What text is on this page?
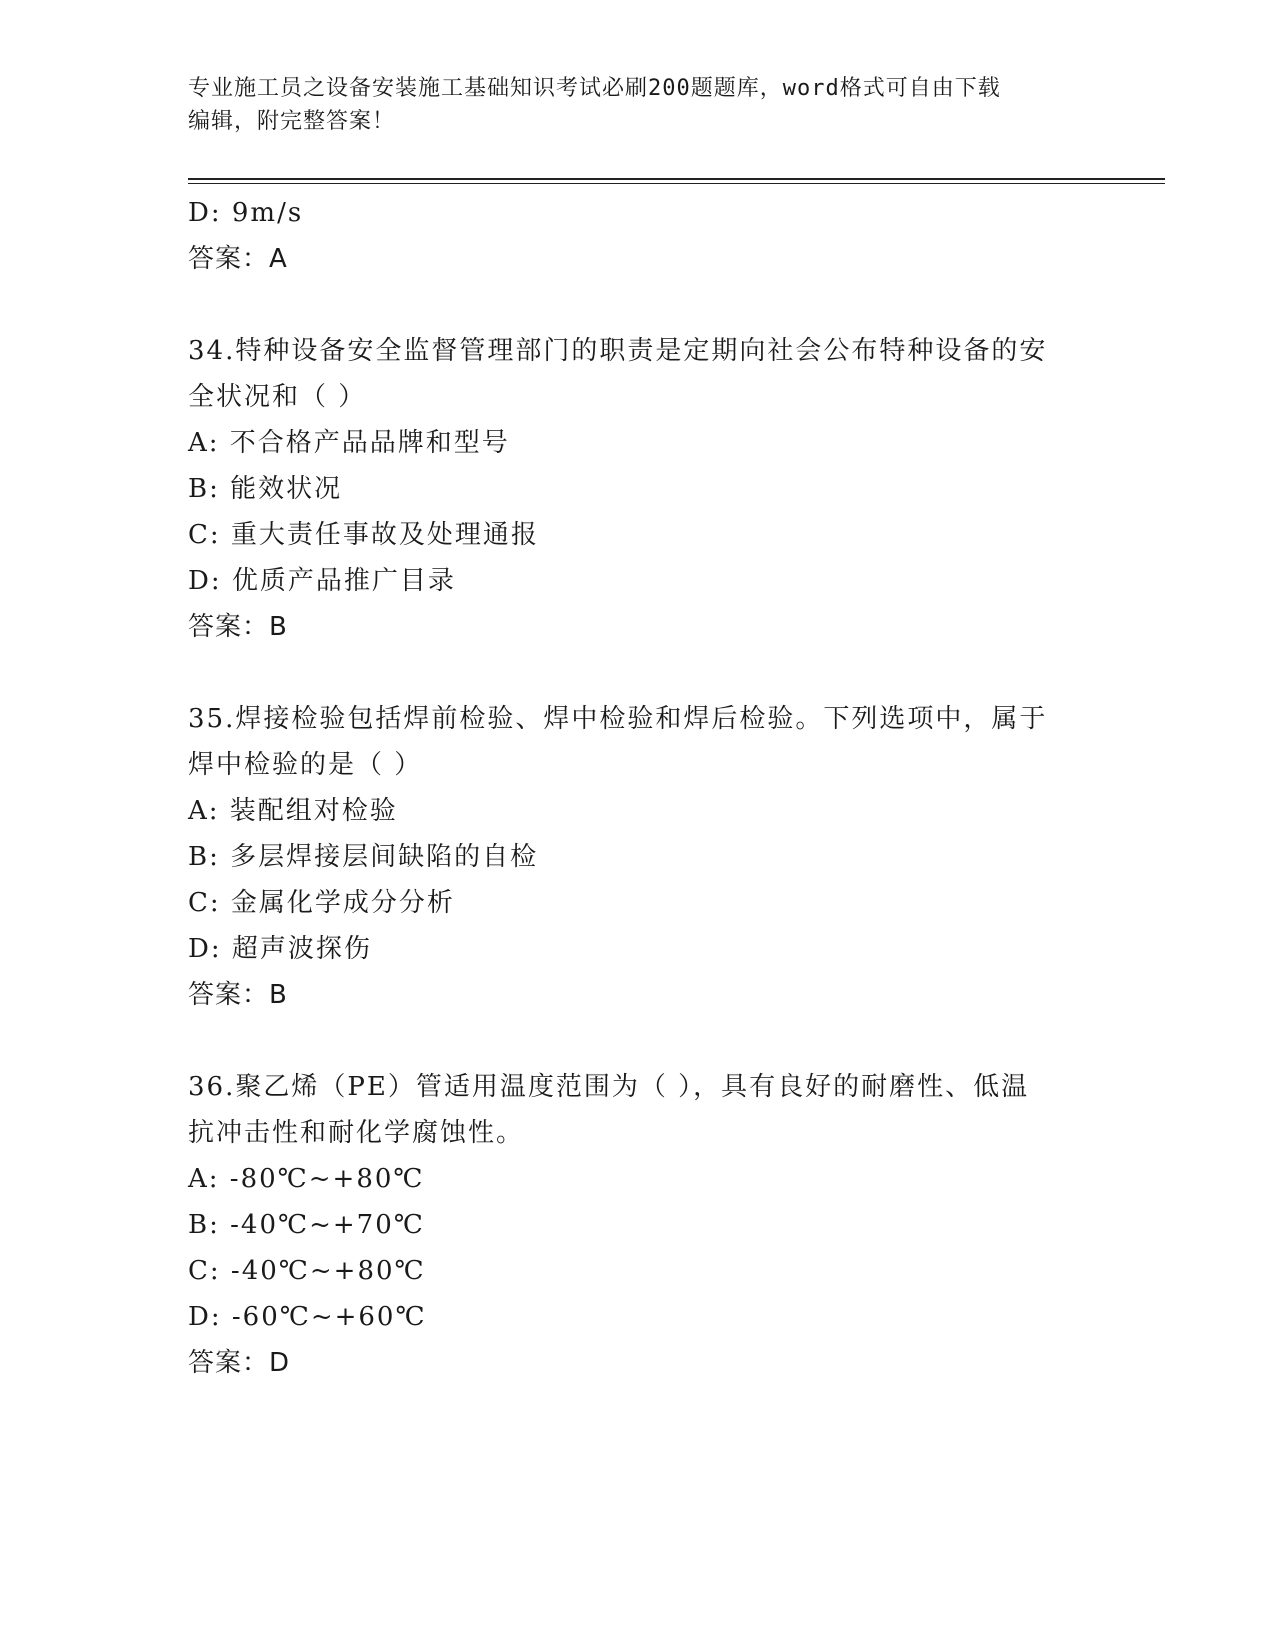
专业施工员之设备安装施工基础知识考试必刷200题题库，word格式可自由下载
编辑，附完整答案！
D: 9m/s
答案：A
34.特种设备安全监督管理部门的职责是定期向社会公布特种设备的安
全状况和（ ）
A: 不合格产品品牌和型号
B: 能效状况
C: 重大责任事故及处理通报
D: 优质产品推广目录
答案：B
35.焊接检验包括焊前检验、焊中检验和焊后检验。下列选项中，属于
焊中检验的是（ ）
A: 装配组对检验
B: 多层焊接层间缺陷的自检
C: 金属化学成分分析
D: 超声波探伤
答案：B
36.聚乙烯（PE）管适用温度范围为（ ），具有良好的耐磨性、低温
抗冲击性和耐化学腐蚀性。
A: -80℃~+80℃
B: -40℃~+70℃
C: -40℃~+80℃
D: -60℃~+60℃
答案：D
